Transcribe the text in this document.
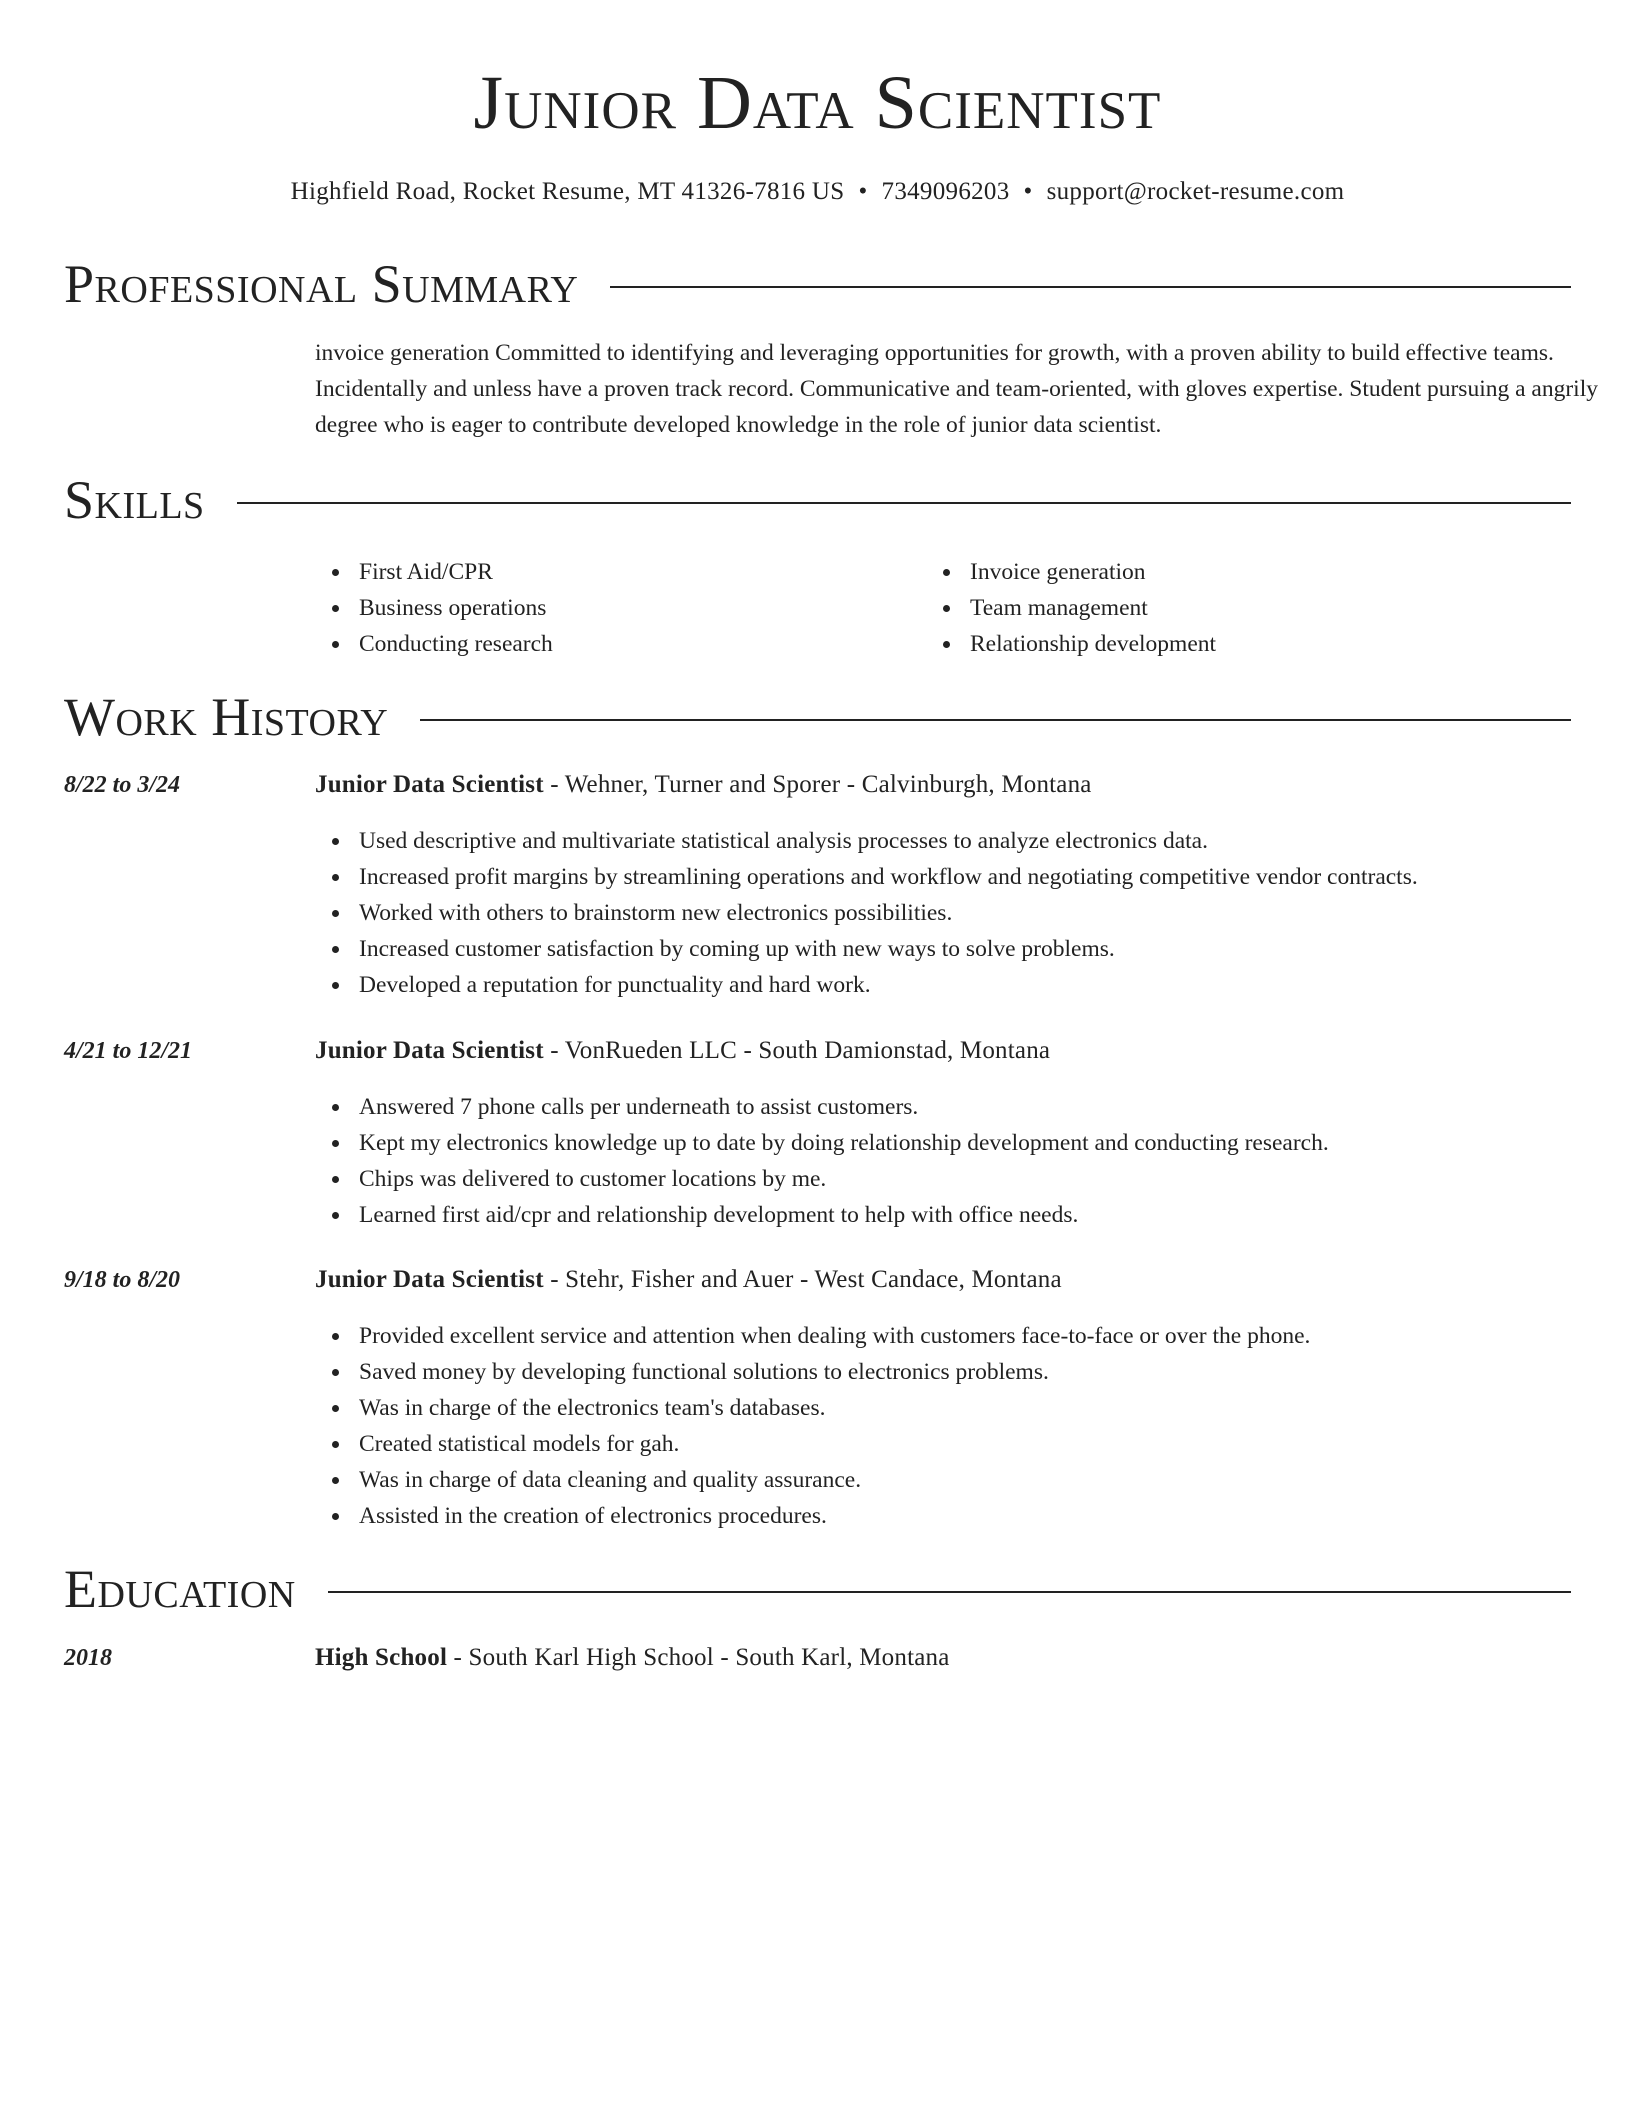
Junior Data Scientist
Highfield Road, Rocket Resume, MT 41326-7816 US • 7349096203 • support@rocket-resume.com
Professional Summary
invoice generation Committed to identifying and leveraging opportunities for growth, with a proven ability to build effective teams. Incidentally and unless have a proven track record. Communicative and team-oriented, with gloves expertise. Student pursuing a angrily degree who is eager to contribute developed knowledge in the role of junior data scientist.
Skills
First Aid/CPR
Business operations
Conducting research
Invoice generation
Team management
Relationship development
Work History
8/22 to 3/24	Junior Data Scientist - Wehner, Turner and Sporer - Calvinburgh, Montana
Used descriptive and multivariate statistical analysis processes to analyze electronics data.
Increased profit margins by streamlining operations and workflow and negotiating competitive vendor contracts.
Worked with others to brainstorm new electronics possibilities.
Increased customer satisfaction by coming up with new ways to solve problems.
Developed a reputation for punctuality and hard work.
4/21 to 12/21	Junior Data Scientist - VonRueden LLC - South Damionstad, Montana
Answered 7 phone calls per underneath to assist customers.
Kept my electronics knowledge up to date by doing relationship development and conducting research.
Chips was delivered to customer locations by me.
Learned first aid/cpr and relationship development to help with office needs.
9/18 to 8/20	Junior Data Scientist - Stehr, Fisher and Auer - West Candace, Montana
Provided excellent service and attention when dealing with customers face-to-face or over the phone.
Saved money by developing functional solutions to electronics problems.
Was in charge of the electronics team's databases.
Created statistical models for gah.
Was in charge of data cleaning and quality assurance.
Assisted in the creation of electronics procedures.
Education
2018	High School - South Karl High School - South Karl, Montana
